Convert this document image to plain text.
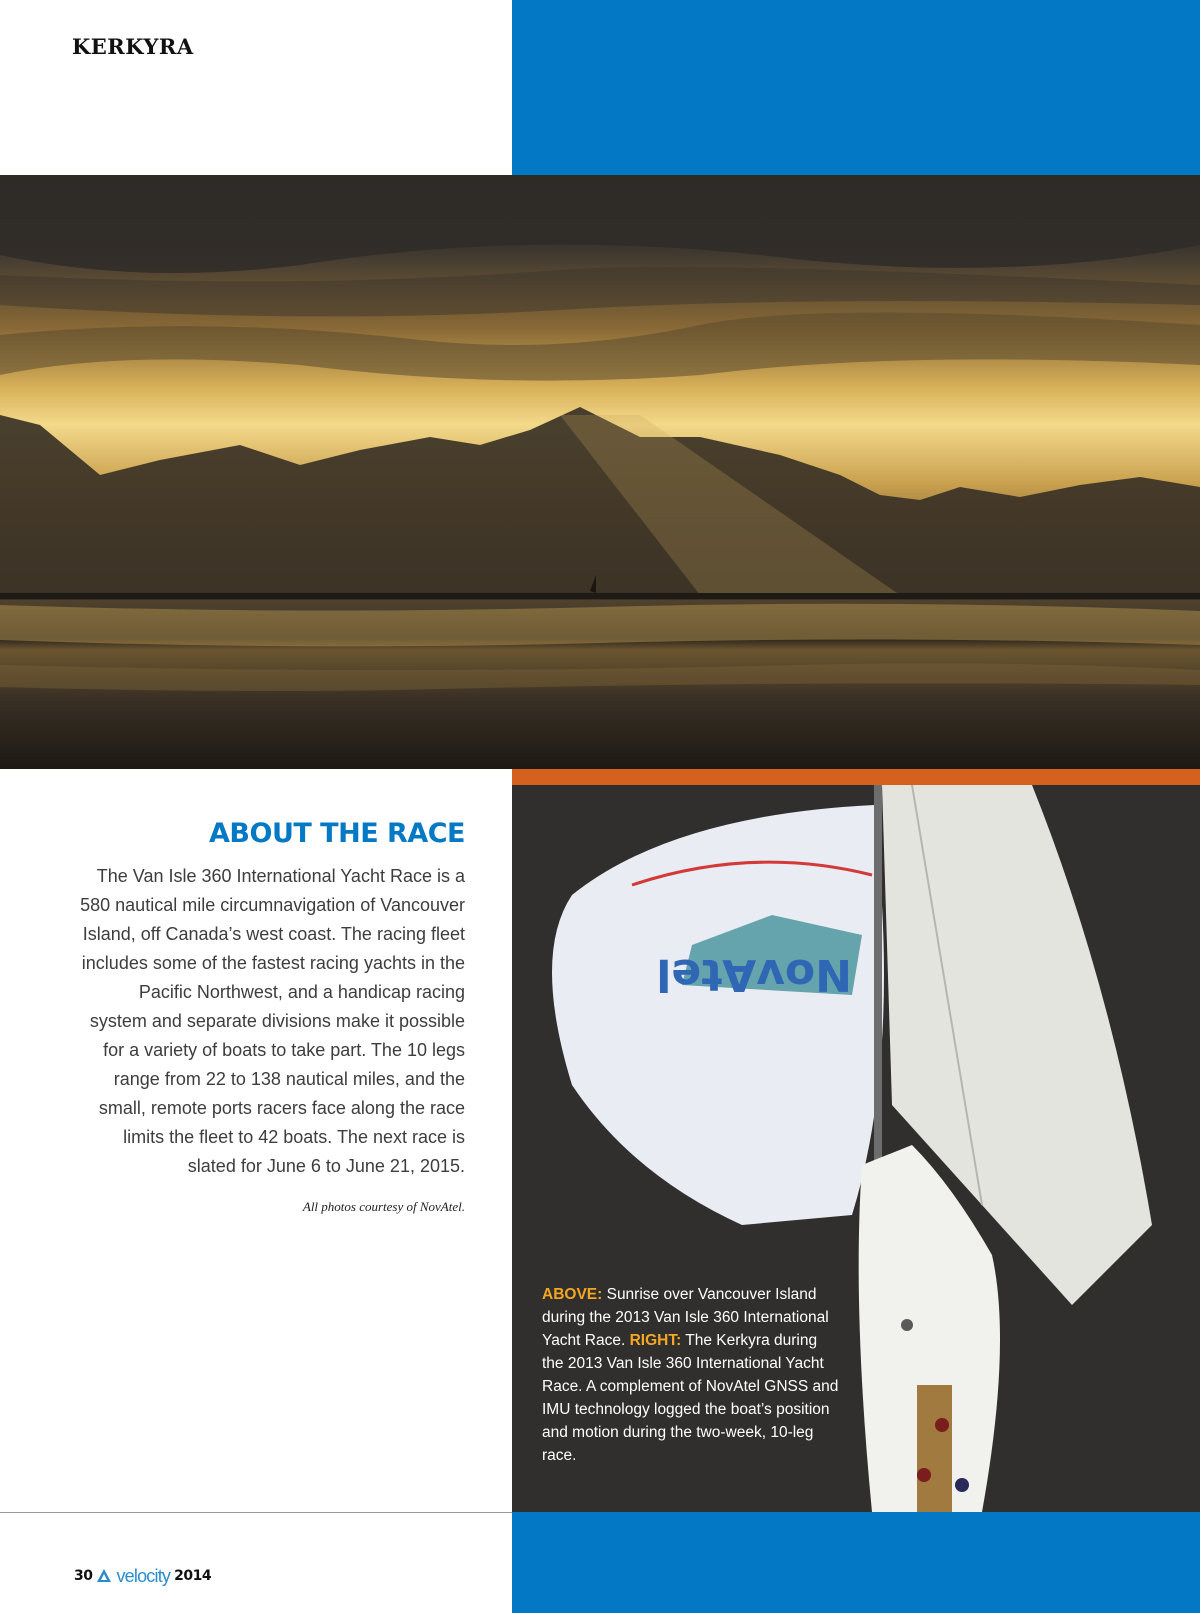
KERKYRA
NovAtel
ABOUT THE RACE
The Van Isle 360 International Yacht Race is a 580 nautical mile circumnavigation of Vancouver Island, off Canada’s west coast. The racing fleet includes some of the fastest racing yachts in the Pacific Northwest, and a handicap racing system and separate divisions make it possible for a variety of boats to take part. The 10 legs range from 22 to 138 nautical miles, and the small, remote ports racers face along the race limits the fleet to 42 boats. The next race is slated for June 6 to June 21, 2015.
All photos courtesy of NovAtel.
ABOVE: Sunrise over Vancouver Island during the 2013 Van Isle 360 International Yacht Race. RIGHT: The Kerkyra during the 2013 Van Isle 360 International Yacht Race. A complement of NovAtel GNSS and IMU technology logged the boat’s position and motion during the two-week, 10-leg race.
30 velocity 2014
